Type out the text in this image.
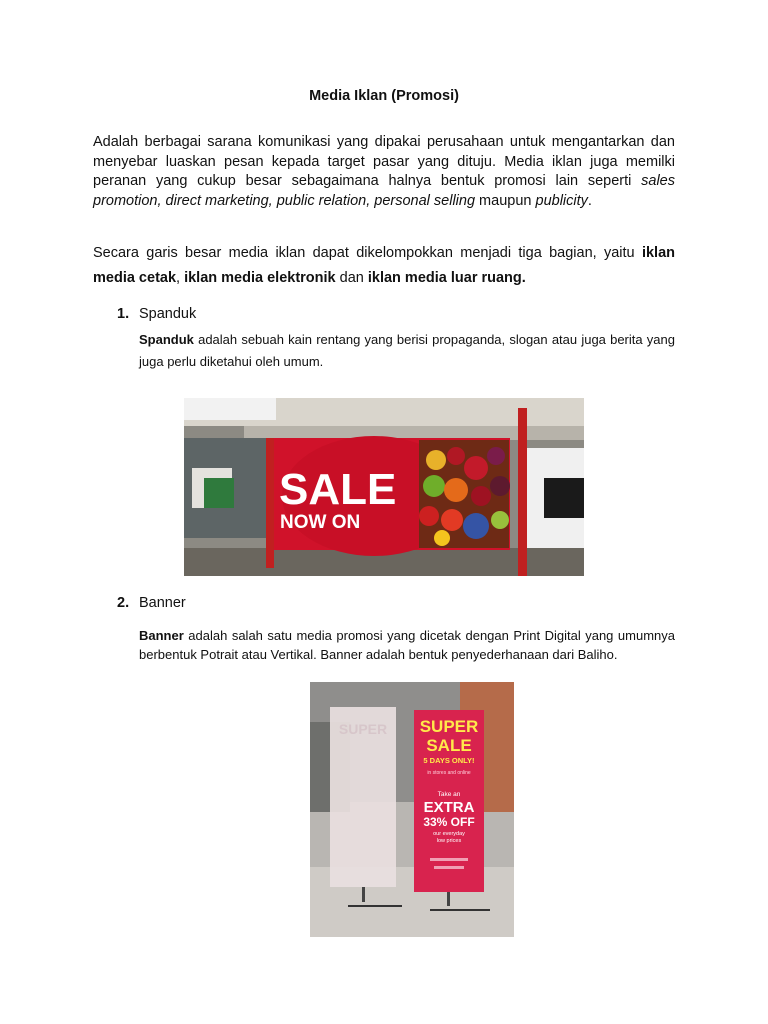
Media Iklan (Promosi)
Adalah berbagai sarana komunikasi yang dipakai perusahaan untuk mengantarkan dan menyebar luaskan pesan kepada target pasar yang dituju. Media iklan juga memilki peranan yang cukup besar sebagaimana halnya bentuk promosi lain seperti sales promotion, direct marketing, public relation, personal selling maupun publicity.
Secara garis besar media iklan dapat dikelompokkan menjadi tiga bagian, yaitu iklan media cetak, iklan media elektronik dan iklan media luar ruang.
1. Spanduk
Spanduk adalah sebuah kain rentang yang berisi propaganda, slogan atau juga berita yang juga perlu diketahui oleh umum.
SALE
NOW ON
2. Banner
Banner adalah salah satu media promosi yang dicetak dengan Print Digital yang umumnya berbentuk Potrait atau Vertikal. Banner adalah bentuk penyederhanaan dari Baliho.
SUPER SUPER
SALE
5 DAYS ONLY!
in stores and online
Take an
EXTRA
33% OFF
our everyday
low prices
